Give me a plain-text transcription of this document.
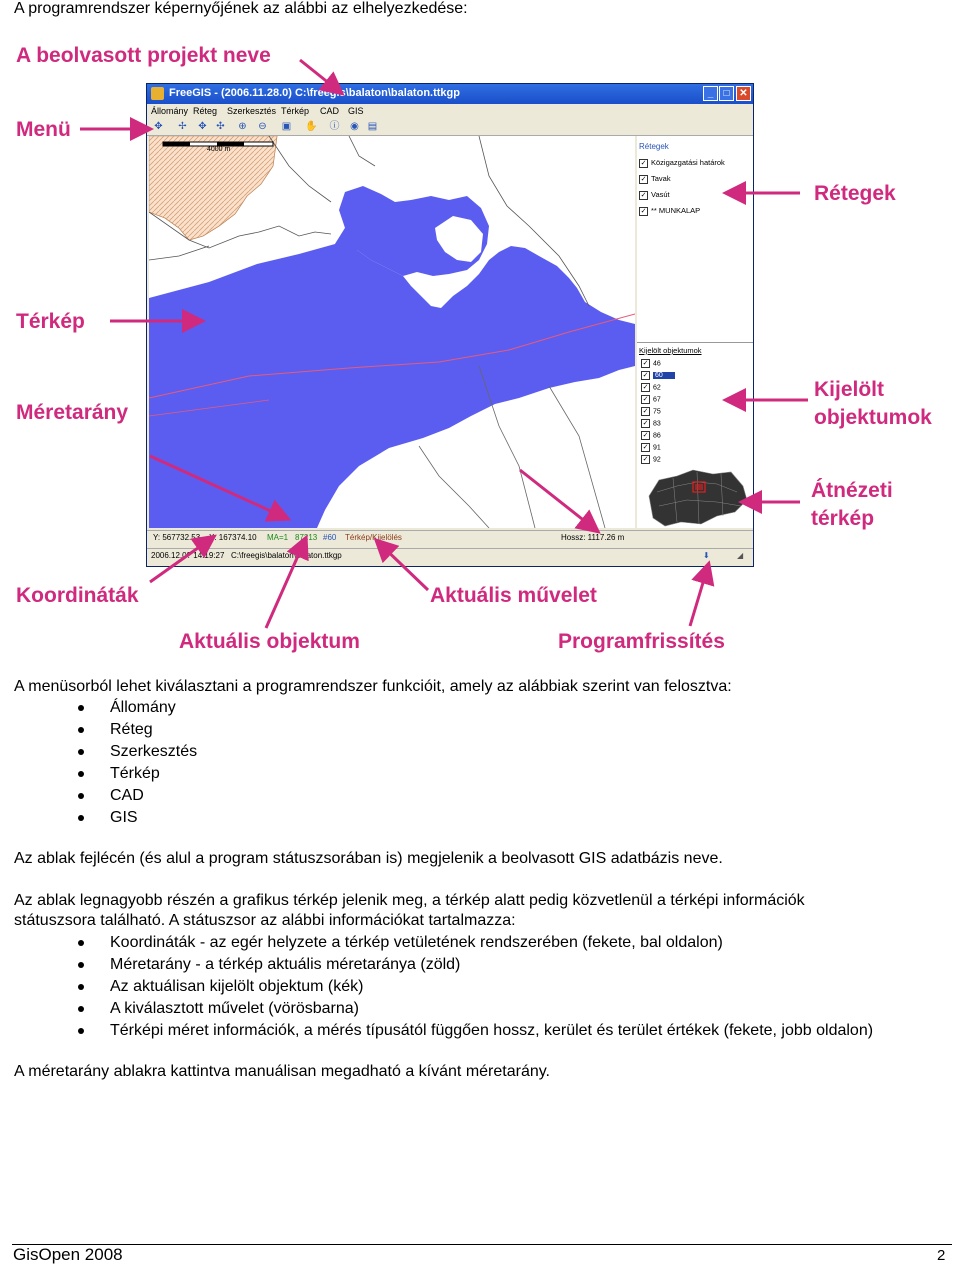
A programrendszer képernyőjének az alábbi az elhelyezkedése:
A beolvasott projekt neve
Menü
Rétegek
Térkép
Méretarány
Kijelölt
objektumok
Átnézeti
térkép
Koordináták	Aktuális művelet
Aktuális objektum	Programfrissítés
FreeGIS - (2006.11.28.0) C:\freegis\balaton\balaton.ttkgp	_	□ ✕
Állomány Réteg Szerkesztés Térkép CAD GIS
✥ ✢ ✥ ✣ ⊕ ⊖ ▣ ✋ ⓘ ◉ ▤
4000 m	Rétegek
✓ Közigazgatási határok
✓ Tavak
✓ Vasút
✓ ** MUNKALAP
Kijelölt objektumok
✓ 46
✓ 60
✓ 62
✓ 67
✓ 75
✓ 83
✓ 86
✓ 91
✓ 92
Y: 567732.53 X: 167374.10 MA=1 87213 #60 Térkép/Kijelölés	Hossz: 1117.26 m
2006.12.0? 14:19:27 C:\freegis\balaton\balaton.ttkgp	⬇	◢
A menüsorból lehet kiválasztani a programrendszer funkcióit, amely az alábbiak szerint van felosztva:
Állomány
Réteg
Szerkesztés
Térkép
CAD
GIS
Az ablak fejlécén (és alul a program státuszsorában is) megjelenik a beolvasott GIS adatbázis neve.
Az ablak legnagyobb részén a grafikus térkép jelenik meg, a térkép alatt pedig közvetlenül a térképi információk
státuszsora található. A státuszsor az alábbi információkat tartalmazza:
Koordináták - az egér helyzete a térkép vetületének rendszerében (fekete, bal oldalon)
Méretarány - a térkép aktuális méretaránya (zöld)
Az aktuálisan kijelölt objektum (kék)
A kiválasztott művelet (vörösbarna)
Térképi méret információk, a mérés típusától függően hossz, kerület és terület értékek (fekete, jobb oldalon)
A méretarány ablakra kattintva manuálisan megadható a kívánt méretarány.
GisOpen 2008	2
